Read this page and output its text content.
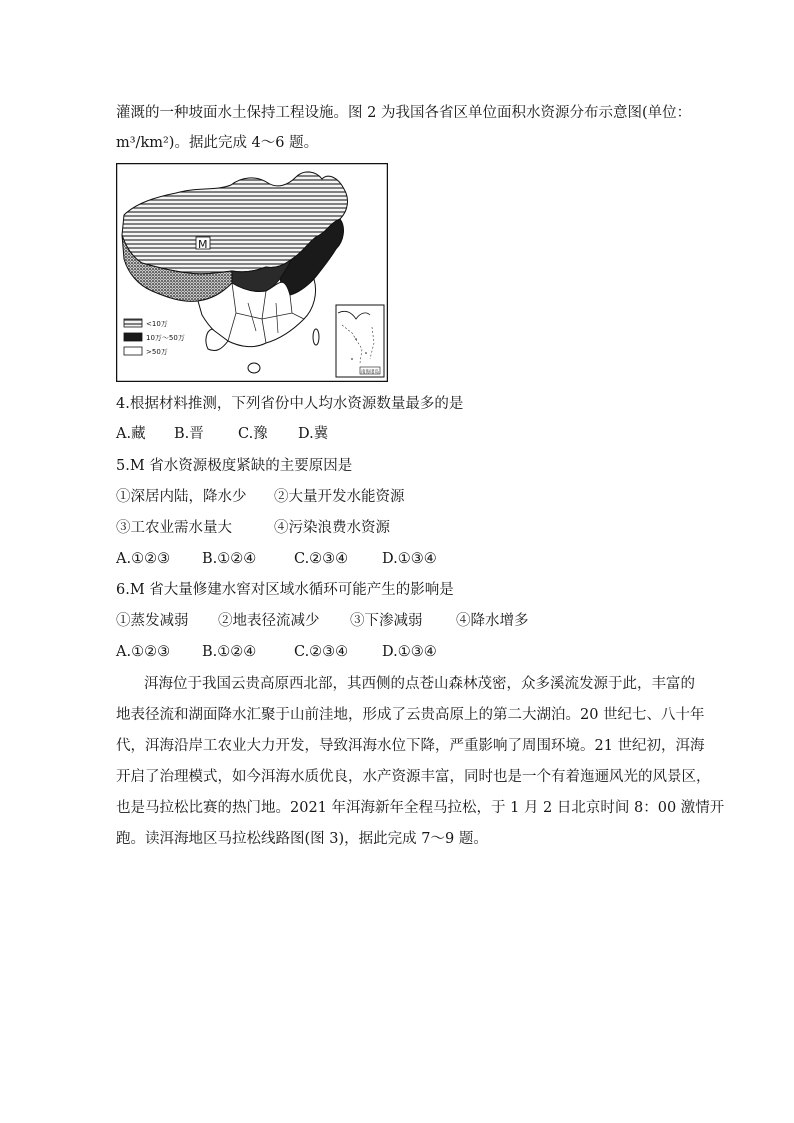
灌溉的一种坡面水土保持工程设施。图 2 为我国各省区单位面积水资源分布示意图(单位：
m³/km²)。据此完成 4～6 题。
M
<10万
10万～50万
>50万
南海诸岛
4.根据材料推测，下列省份中人均水资源数量最多的是
A.藏 B.晋 C.豫 D.冀
5.M 省水资源极度紧缺的主要原因是
①深居内陆，降水少 ②大量开发水能资源
③工农业需水量大	④污染浪费水资源
A.①②③ B.①②④	C.②③④ D.①③④
6.M 省大量修建水窖对区域水循环可能产生的影响是
①蒸发减弱 ②地表径流减少 ③下渗减弱 ④降水增多
A.①②③ B.①②④	C.②③④ D.①③④
洱海位于我国云贵高原西北部，其西侧的点苍山森林茂密，众多溪流发源于此，丰富的
地表径流和湖面降水汇聚于山前洼地，形成了云贵高原上的第二大湖泊。20 世纪七、八十年
代，洱海沿岸工农业大力开发，导致洱海水位下降，严重影响了周围环境。21 世纪初，洱海
开启了治理模式，如今洱海水质优良，水产资源丰富，同时也是一个有着迤逦风光的风景区，
也是马拉松比赛的热门地。2021 年洱海新年全程马拉松，于 1 月 2 日北京时间 8：00 激情开
跑。读洱海地区马拉松线路图(图 3)，据此完成 7～9 题。
